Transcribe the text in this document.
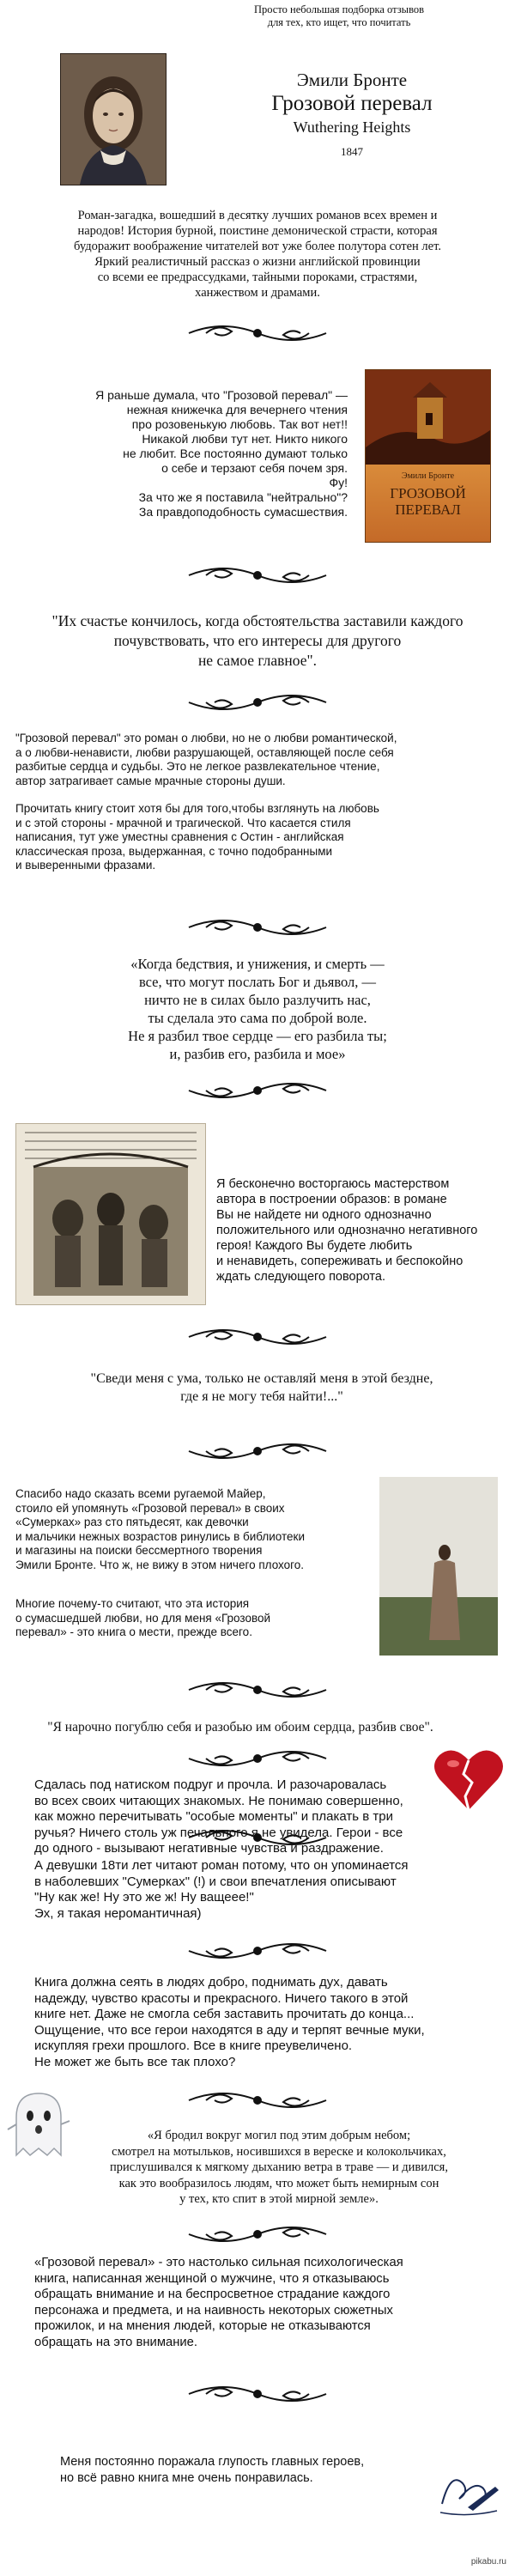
Просто небольшая подборка отзывов
для тех, кто ищет, что почитать
Эмили Бронте
Грозовой перевал
Wuthering Heights
1847
Роман-загадка, вошедший в десятку лучших романов всех времен и
народов! История бурной, поистине демонической страсти, которая
будоражит воображение читателей вот уже более полутора сотен лет.
Яркий реалистичный рассказ о жизни английской провинции
со всеми ее предрассудками, тайными пороками, страстями,
ханжеством и драмами.
Я раньше думала, что "Грозовой перевал" —
нежная книжечка для вечернего чтения
про розовенькую любовь. Так вот нет!!
Никакой любви тут нет. Никто никого
не любит. Все постоянно думают только
о себе и терзают себя почем зря.
Фу!
За что же я поставила "нейтрально"?
За правдоподобность сумасшествия.
Эмили Бронте
ГРОЗОВОЙ
ПЕРЕВАЛ
"Их счастье кончилось, когда обстоятельства заставили каждого
почувствовать, что его интересы для другого
не самое главное".
"Грозовой перевал" это роман о любви, но не о любви романтической,
а о любви-ненависти, любви разрушающей, оставляющей после себя
разбитые сердца и судьбы. Это не легкое развлекательное чтение,
автор затрагивает самые мрачные стороны души.
Прочитать книгу стоит хотя бы для того,чтобы взглянуть на любовь
и с этой стороны - мрачной и трагической. Что касается стиля
написания, тут уже уместны сравнения с Остин - английская
классическая проза, выдержанная, с точно подобранными
и выверенными фразами.
«Когда бедствия, и унижения, и смерть —
все, что могут послать Бог и дьявол, —
ничто не в силах было разлучить нас,
ты сделала это сама по доброй воле.
Не я разбил твое сердце — его разбила ты;
и, разбив его, разбила и мое»
Я бесконечно восторгаюсь мастерством
автора в построении образов: в романе
Вы не найдете ни одного однозначно
положительного или однозначно негативного
героя! Каждого Вы будете любить
и ненавидеть, сопереживать и беспокойно
ждать следующего поворота.
"Сведи меня с ума, только не оставляй меня в этой бездне,
где я не могу тебя найти!..."
Спасибо надо сказать всеми ругаемой Майер,
стоило ей упомянуть «Грозовой перевал» в своих
«Сумерках» раз сто пятьдесят, как девочки
и мальчики нежных возрастов ринулись в библиотеки
и магазины на поиски бессмертного творения
Эмили Бронте. Что ж, не вижу в этом ничего плохого.
Многие почему-то считают, что эта история
о сумасшедшей любви, но для меня «Грозовой
перевал» - это книга о мести, прежде всего.
"Я нарочно погублю себя и разобью им обоим сердца, разбив свое".
Сдалась под натиском подруг и прочла. И разочаровалась
во всех своих читающих знакомых. Не понимаю совершенно,
как можно перечитывать "особые моменты" и плакать в три
ручья? Ничего столь уж печального я не увидела. Герои - все
до одного - вызывают негативные чувства и раздражение.
А девушки 18ти лет читают роман потому, что он упоминается
в наболевших "Сумерках" (!) и свои впечатления описывают
"Ну как же! Ну это же ж! Ну ващеее!"
Эх, я такая неромантичная)
Книга должна сеять в людях добро, поднимать дух, давать
надежду, чувство красоты и прекрасного. Ничего такого в этой
книге нет. Даже не смогла себя заставить прочитать до конца...
Ощущение, что все герои находятся в аду и терпят вечные муки,
искупляя грехи прошлого. Все в книге преувеличено.
Не может же быть все так плохо?
«Я бродил вокруг могил под этим добрым небом;
смотрел на мотыльков, носившихся в вереске и колокольчиках,
прислушивался к мягкому дыханию ветра в траве — и дивился,
как это вообразилось людям, что может быть немирным сон
у тех, кто спит в этой мирной земле».
«Грозовой перевал» - это настолько сильная психологическая
книга, написанная женщиной о мужчине, что я отказываюсь
обращать внимание и на беспросветное страдание каждого
персонажа и предмета, и на наивность некоторых сюжетных
прожилок, и на мнения людей, которые не отказываются
обращать на это внимание.
Меня постоянно поражала глупость главных героев,
но всё равно книга мне очень понравилась.
pikabu.ru
